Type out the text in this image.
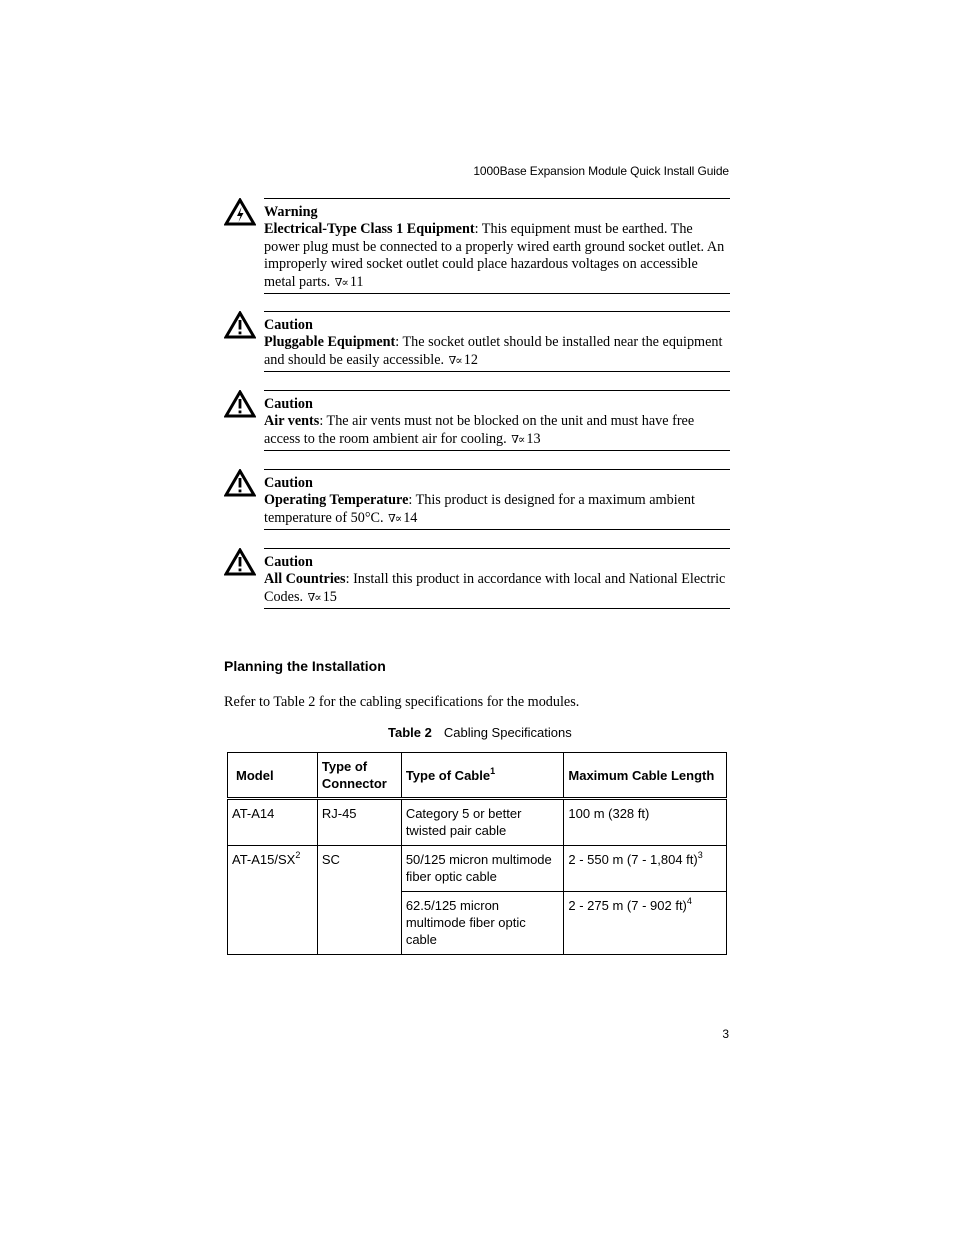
1000Base Expansion Module Quick Install Guide
Warning
Electrical-Type Class 1 Equipment: This equipment must be earthed. The power plug must be connected to a properly wired earth ground socket outlet. An improperly wired socket outlet could place hazardous voltages on accessible metal parts. ∇∝ 11
Caution
Pluggable Equipment: The socket outlet should be installed near the equipment and should be easily accessible. ∇∝ 12
Caution
Air vents: The air vents must not be blocked on the unit and must have free access to the room ambient air for cooling. ∇∝ 13
Caution
Operating Temperature: This product is designed for a maximum ambient temperature of 50°C. ∇∝ 14
Caution
All Countries: Install this product in accordance with local and National Electric Codes. ∇∝ 15
Planning the Installation

Refer to Table 2 for the cabling specifications for the modules.

Table 2 Cabling Specifications
Model	Type of Connector	Type of Cable$^1$	Maximum Cable Length
AT-A14	RJ-45	Category 5 or better twisted pair cable	100 m (328 ft)
$AT-A15/SX^2$	SC	50/125 micron multimode fiber optic cable	2 - 550 m (7 - 1,804 ft)$^3$
		62.5/125 micron multimode fiber optic cable	2 - 275 m (7 - 902 ft)$^4$
3
